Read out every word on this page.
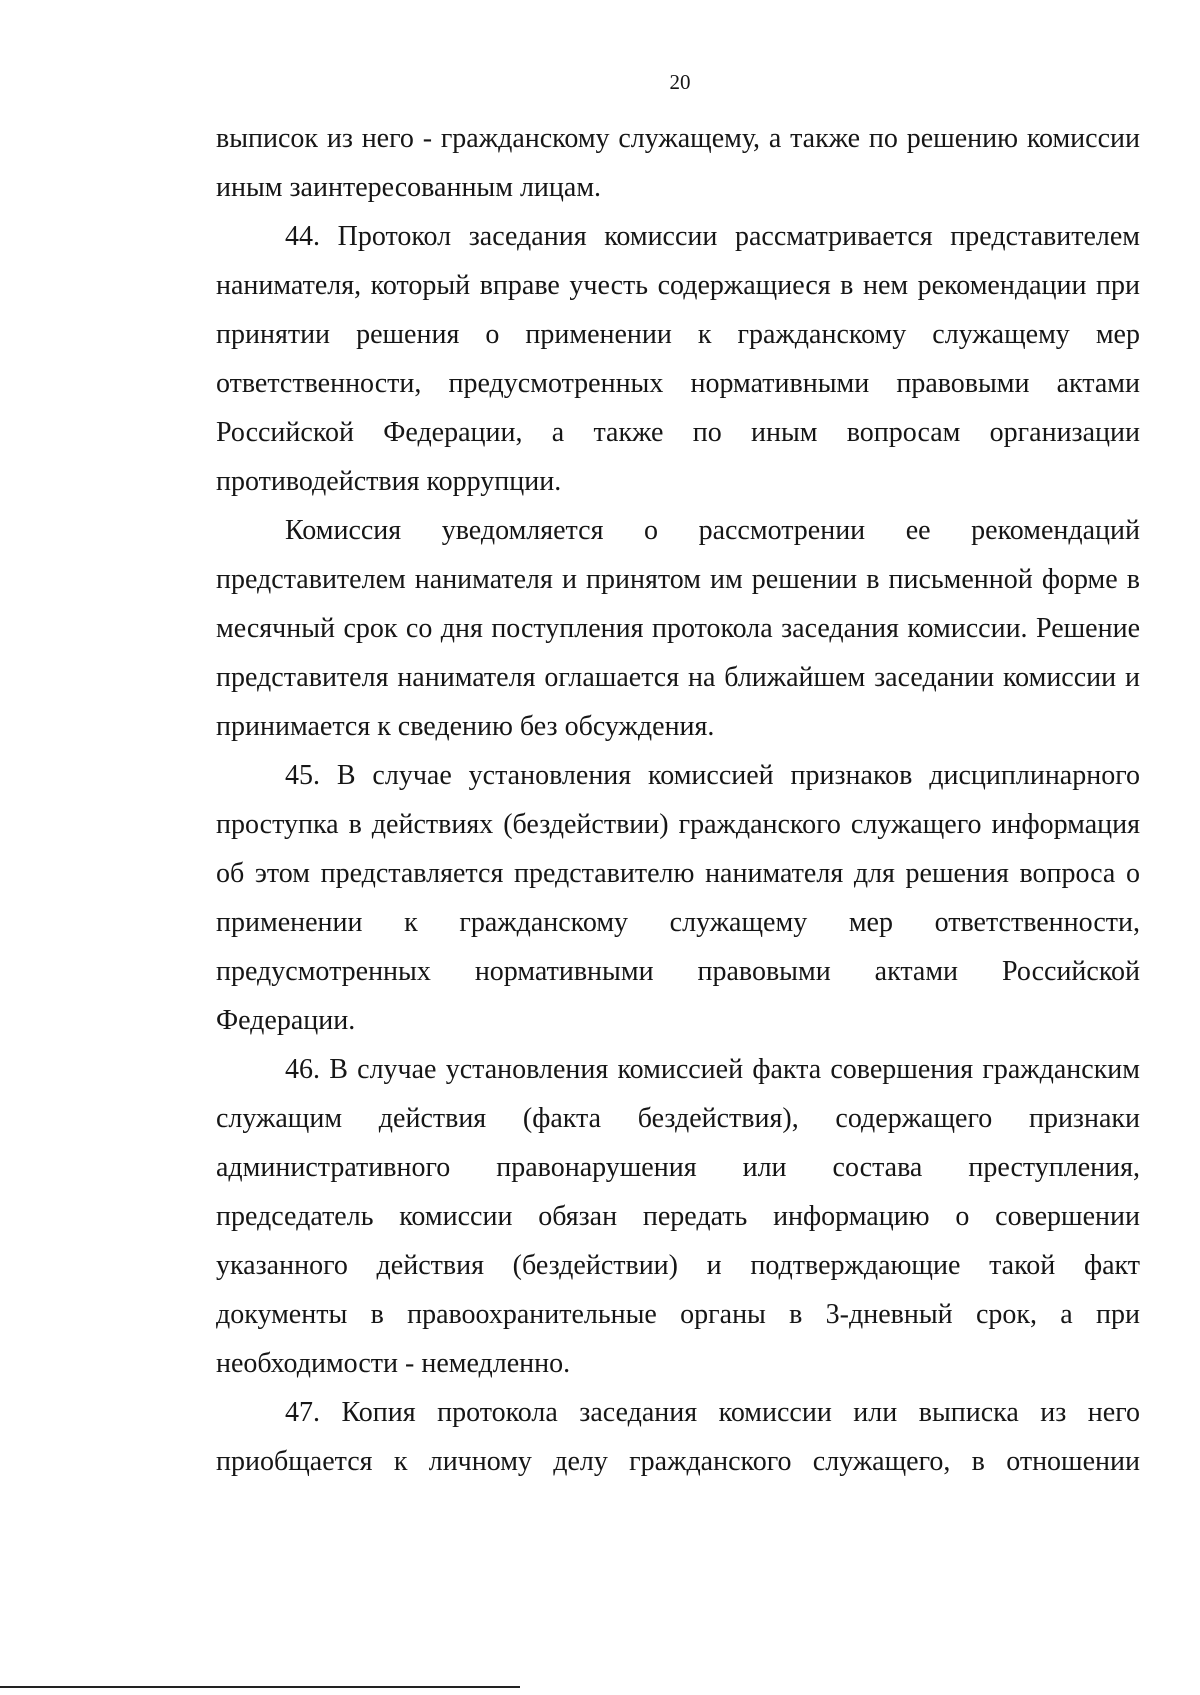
20
выписок из него - гражданскому служащему, а также по решению комиссии
иным заинтересованным лицам.
44. Протокол заседания комиссии рассматривается представителем
нанимателя, который вправе учесть содержащиеся в нем рекомендации при
принятии решения о применении к гражданскому служащему мер
ответственности, предусмотренных нормативными правовыми актами
Российской Федерации, а также по иным вопросам организации
противодействия коррупции.
Комиссия уведомляется о рассмотрении ее рекомендаций
представителем нанимателя и принятом им решении в письменной форме в
месячный срок со дня поступления протокола заседания комиссии. Решение
представителя нанимателя оглашается на ближайшем заседании комиссии и
принимается к сведению без обсуждения.
45. В случае установления комиссией признаков дисциплинарного
проступка в действиях (бездействии) гражданского служащего информация
об этом представляется представителю нанимателя для решения вопроса о
применении к гражданскому служащему мер ответственности,
предусмотренных нормативными правовыми актами Российской
Федерации.
46. В случае установления комиссией факта совершения гражданским
служащим действия (факта бездействия), содержащего признаки
административного правонарушения или состава преступления,
председатель комиссии обязан передать информацию о совершении
указанного действия (бездействии) и подтверждающие такой факт
документы в правоохранительные органы в 3-дневный срок, а при
необходимости - немедленно.
47. Копия протокола заседания комиссии или выписка из него
приобщается к личному делу гражданского служащего, в отношении
